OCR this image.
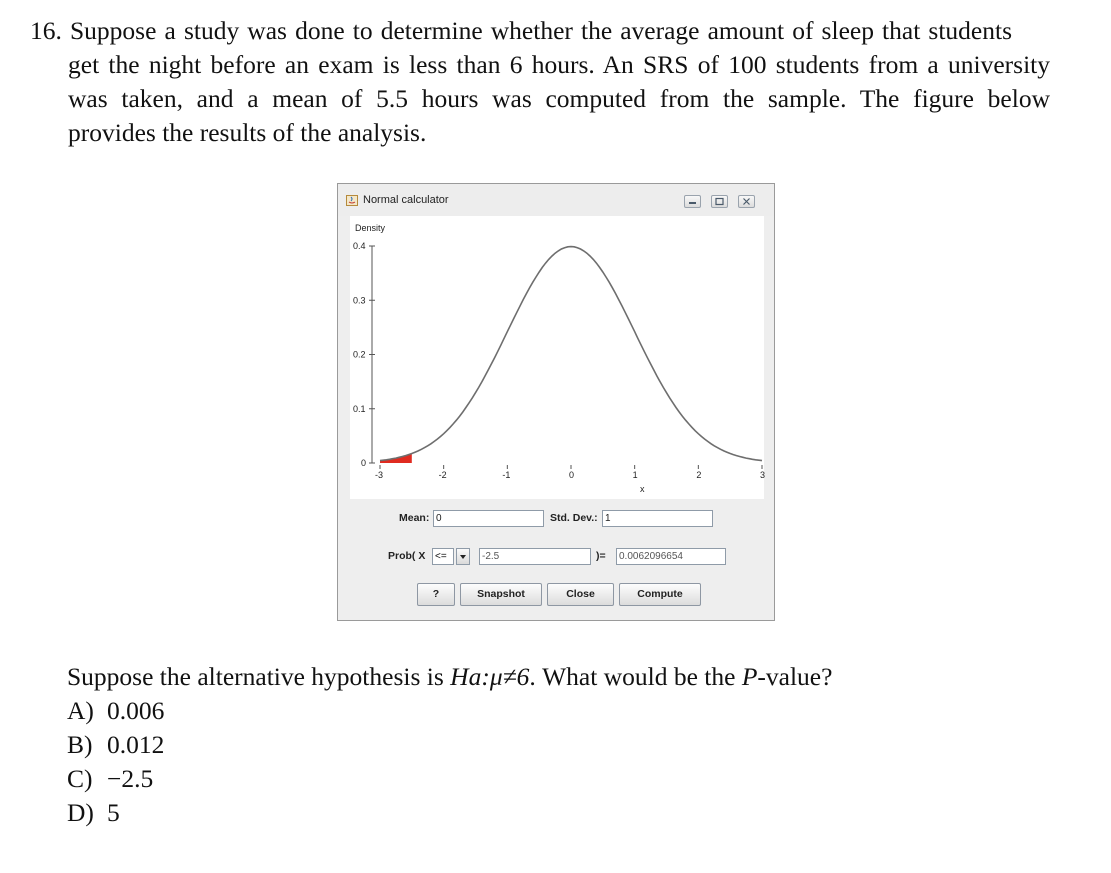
16. Suppose a study was done to determine whether the average amount of sleep that students
get the night before an exam is less than 6 hours. An SRS of 100 students from a university
was taken, and a mean of 5.5 hours was computed from the sample. The figure below
provides the results of the analysis.
Normal calculator
Density
x
0.4
0.3
0.2
0.1
0
-3	-2	-1	0	1	2	3
Mean:
0	Std. Dev.:
1
Prob( X <=
-2.5	)=
0.0062096654
?	Snapshot	Close	Compute
Suppose the alternative hypothesis is Ha:μ≠6. What would be the P-value?
A) 0.006
B) 0.012
C) −2.5
D) 5
